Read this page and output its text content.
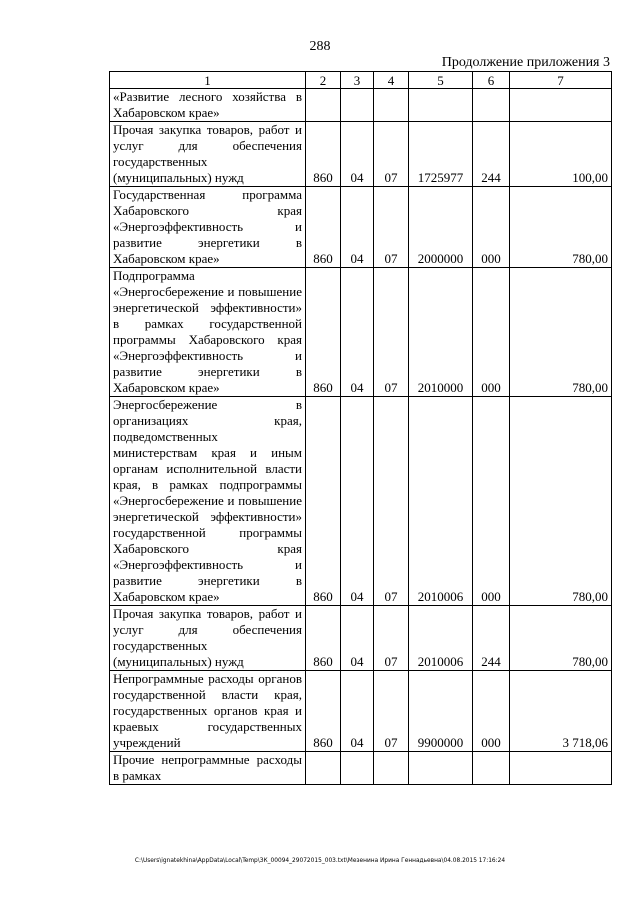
288
Продолжение приложения 3
1	2	3	4	5	6	7
«Развитие лесного хозяйства в Хабаровском крае»						
Прочая закупка товаров, работ и услуг для обеспечения государственных (муниципальных) нужд	860	04	07	1725977	244	100,00
Государственная программа Хабаровского края «Энергоэффективность и развитие энергетики в Хабаровском крае»	860	04	07	2000000	000	780,00
Подпрограмма «Энергосбережение и повышение энергетической эффективности» в рамках государственной программы Хабаровского края «Энергоэффективность и развитие энергетики в Хабаровском крае»	860	04	07	2010000	000	780,00
Энергосбережение в организациях края, подведомственных министерствам края и иным органам исполнительной власти края, в рамках подпрограммы «Энергосбережение и повышение энергетической эффективности» государственной программы Хабаровского края «Энергоэффективность и развитие энергетики в Хабаровском крае»	860	04	07	2010006	000	780,00
Прочая закупка товаров, работ и услуг для обеспечения государственных (муниципальных) нужд	860	04	07	2010006	244	780,00
Непрограммные расходы органов государственной власти края, государственных органов края и краевых государственных учреждений	860	04	07	9900000	000	3 718,06
Прочие непрограммные расходы в рамках						
C:\Users\ignatekhina\AppData\Local\Temp\ЗК_00094_29072015_003.txt\Мезенина Ирина Геннадьевна\04.08.2015 17:16:24
